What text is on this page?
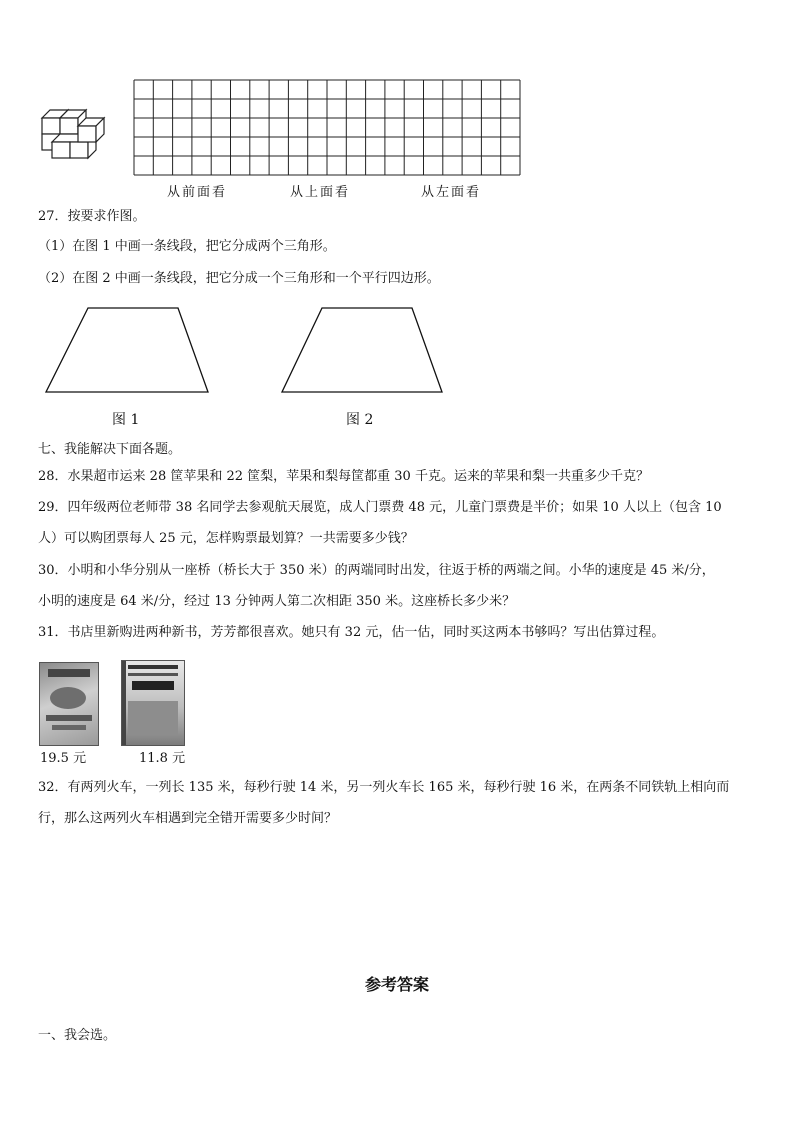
从前面看	从上面看	从左面看
27．按要求作图。
（1）在图 1 中画一条线段，把它分成两个三角形。
（2）在图 2 中画一条线段，把它分成一个三角形和一个平行四边形。
图 1	图 2
七、我能解决下面各题。
28．水果超市运来 28 筐苹果和 22 筐梨，苹果和梨每筐都重 30 千克。运来的苹果和梨一共重多少千克？
29．四年级两位老师带 38 名同学去参观航天展览，成人门票费 48 元，儿童门票费是半价；如果 10 人以上（包含 10
人）可以购团票每人 25 元，怎样购票最划算？一共需要多少钱？
30．小明和小华分别从一座桥（桥长大于 350 米）的两端同时出发，往返于桥的两端之间。小华的速度是 45 米/分，
小明的速度是 64 米/分，经过 13 分钟两人第二次相距 350 米。这座桥长多少米？
31．书店里新购进两种新书，芳芳都很喜欢。她只有 32 元，估一估，同时买这两本书够吗？写出估算过程。
19.5 元	11.8 元
32．有两列火车，一列长 135 米，每秒行驶 14 米，另一列火车长 165 米，每秒行驶 16 米，在两条不同铁轨上相向而
行，那么这两列火车相遇到完全错开需要多少时间？
参考答案
一、我会选。
